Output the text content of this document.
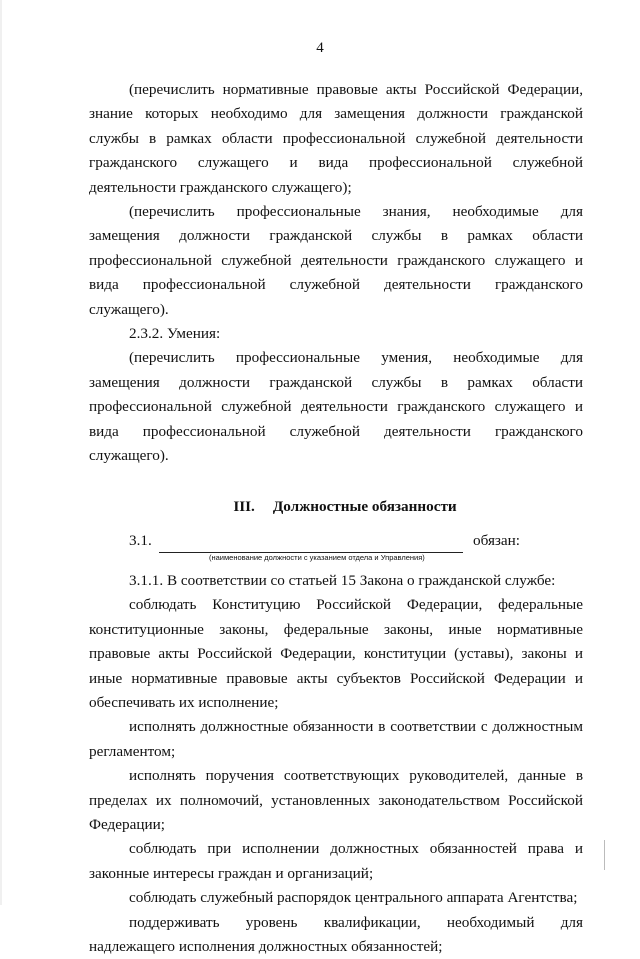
4

(перечислить нормативные правовые акты Российской Федерации, знание которых необходимо для замещения должности гражданской службы в рамках области профессиональной служебной деятельности гражданского служащего и вида профессиональной служебной деятельности гражданского служащего);

(перечислить профессиональные знания, необходимые для замещения должности гражданской службы в рамках области профессиональной служебной деятельности гражданского служащего и вида профессиональной служебной деятельности гражданского служащего).

2.3.2. Умения:

(перечислить профессиональные умения, необходимые для замещения должности гражданской службы в рамках области профессиональной служебной деятельности гражданского служащего и вида профессиональной служебной деятельности гражданского служащего).

III. Должностные обязанности
3.1.	обязан:
(наименование должности с указанием отдела и Управления)

3.1.1. В соответствии со статьей 15 Закона о гражданской службе:

соблюдать Конституцию Российской Федерации, федеральные конституционные законы, федеральные законы, иные нормативные правовые акты Российской Федерации, конституции (уставы), законы и иные нормативные правовые акты субъектов Российской Федерации и обеспечивать их исполнение;

исполнять должностные обязанности в соответствии с должностным регламентом;

исполнять поручения соответствующих руководителей, данные в пределах их полномочий, установленных законодательством Российской Федерации;

соблюдать при исполнении должностных обязанностей права и законные интересы граждан и организаций;

соблюдать служебный распорядок центрального аппарата Агентства;

поддерживать уровень квалификации, необходимый для надлежащего исполнения должностных обязанностей;
